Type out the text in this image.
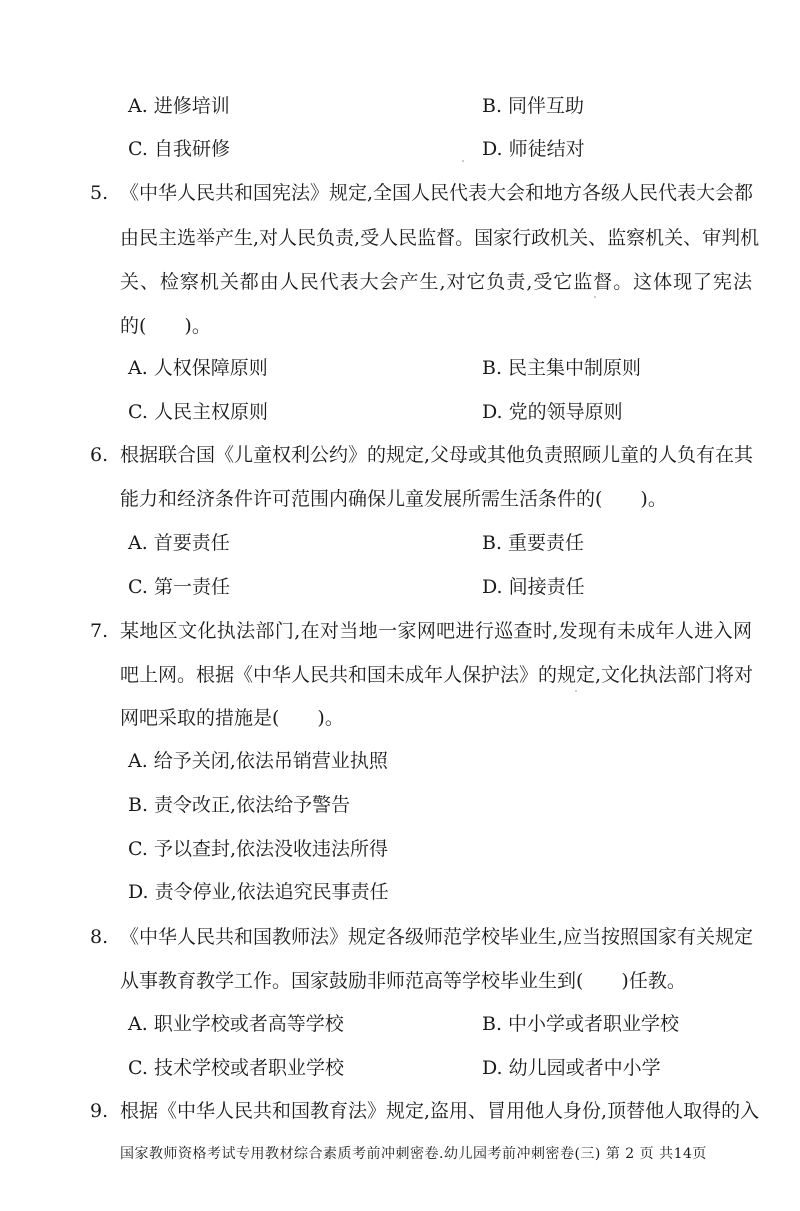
A. 进修培训	B. 同伴互助
C. 自我研修	D. 师徒结对
5. 《中华人民共和国宪法》规定,全国人民代表大会和地方各级人民代表大会都
由民主选举产生,对人民负责,受人民监督。国家行政机关、监察机关、审判机
关、检察机关都由人民代表大会产生,对它负责,受它监督。这体现了宪法
的(　　)。
A. 人权保障原则	B. 民主集中制原则
C. 人民主权原则	D. 党的领导原则
6. 根据联合国《儿童权利公约》的规定,父母或其他负责照顾儿童的人负有在其
能力和经济条件许可范围内确保儿童发展所需生活条件的(　　)。
A. 首要责任	B. 重要责任
C. 第一责任	D. 间接责任
7. 某地区文化执法部门,在对当地一家网吧进行巡查时,发现有未成年人进入网
吧上网。根据《中华人民共和国未成年人保护法》的规定,文化执法部门将对
网吧采取的措施是(　　)。
A. 给予关闭,依法吊销营业执照
B. 责令改正,依法给予警告
C. 予以查封,依法没收违法所得
D. 责令停业,依法追究民事责任
8. 《中华人民共和国教师法》规定各级师范学校毕业生,应当按照国家有关规定
从事教育教学工作。国家鼓励非师范高等学校毕业生到(　　)任教。
A. 职业学校或者高等学校	B. 中小学或者职业学校
C. 技术学校或者职业学校	D. 幼儿园或者中小学
9. 根据《中华人民共和国教育法》规定,盗用、冒用他人身份,顶替他人取得的入
国家教师资格考试专用教材综合素质考前冲刺密卷.幼儿园考前冲刺密卷(三) 第 2 页 共14页
